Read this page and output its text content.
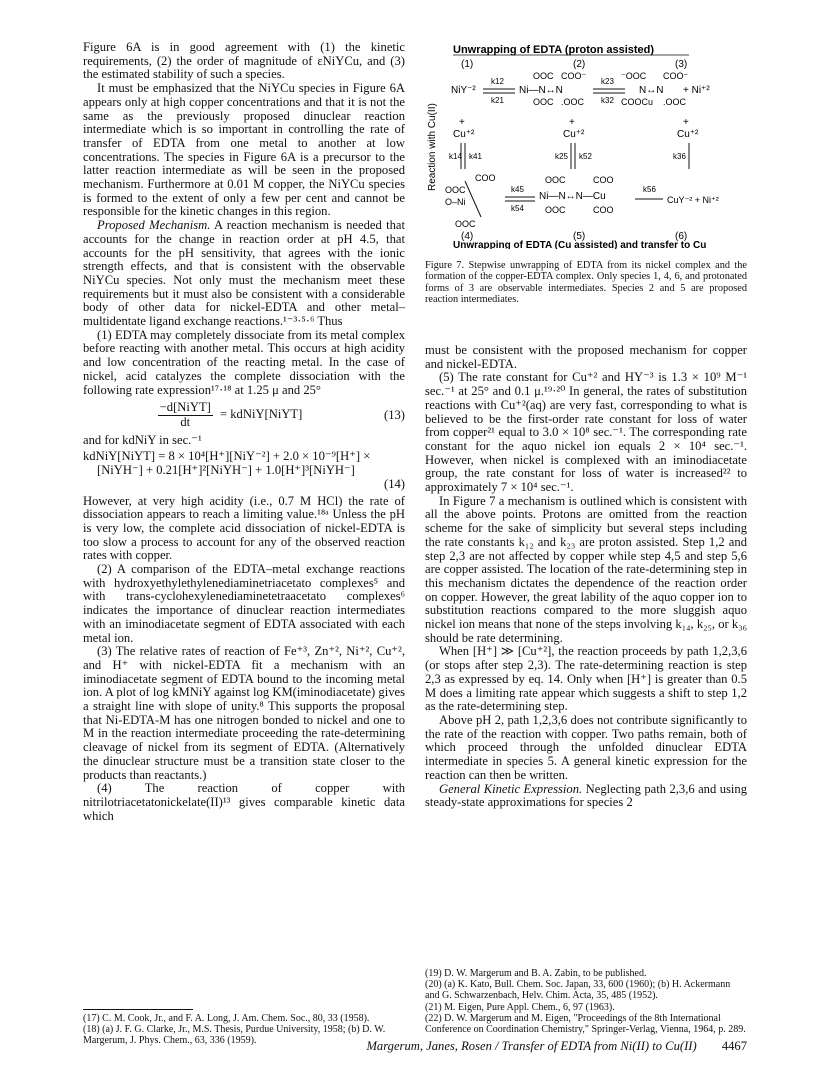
Figure 6A is in good agreement with (1) the kinetic requirements, (2) the order of magnitude of εNiYCu, and (3) the estimated stability of such a species.

It must be emphasized that the NiYCu species in Figure 6A appears only at high copper concentrations and that it is not the same as the previously proposed dinuclear reaction intermediate which is so important in controlling the rate of transfer of EDTA from one metal to another at low concentrations. The species in Figure 6A is a precursor to the latter reaction intermediate as will be seen in the proposed mechanism. Furthermore at 0.01 M copper, the NiYCu species is formed to the extent of only a few per cent and cannot be responsible for the kinetic changes in this region.

Proposed Mechanism. A reaction mechanism is needed that accounts for the change in reaction order at pH 4.5, that accounts for the pH sensitivity, that agrees with the ionic strength effects, and that is consistent with the observable NiYCu species. Not only must the mechanism meet these requirements but it must also be consistent with a considerable body of other data for nickel-EDTA and other metal–multidentate ligand exchange reactions.¹⁻³·⁵·⁶ Thus

(1) EDTA may completely dissociate from its metal complex before reacting with another metal. This occurs at high acidity and low concentration of the reacting metal. In the case of nickel, acid catalyzes the complete dissociation with the following rate expression¹⁷·¹⁸ at 1.25 μ and 25°

$\frac{\text{−d[NiYT]}}{dt}$ = kdNiY[NiYT]	(13)

and for kdNiY in sec.⁻¹

kdNiY[NiYT] = 8 × 10⁴[H⁺][NiY⁻²] + 2.0 × 10⁻⁹[H⁺] ×
[NiYH⁻] + 0.21[H⁺]²[NiYH⁻] + 1.0[H⁺]³[NiYH⁻]
(14)

However, at very high acidity (i.e., 0.7 M HCl) the rate of dissociation appears to reach a limiting value.¹⁸ᵃ Unless the pH is very low, the complete acid dissociation of nickel-EDTA is too slow a process to account for any of the observed reaction rates with copper.

(2) A comparison of the EDTA–metal exchange reactions with hydroxyethylethylenediaminetriacetato complexes⁵ and with trans-cyclohexylenediaminetetraacetato complexes⁶ indicates the importance of dinuclear reaction intermediates with an iminodiacetate segment of EDTA associated with each metal ion.

(3) The relative rates of reaction of Fe⁺³, Zn⁺², Ni⁺², Cu⁺², and H⁺ with nickel-EDTA fit a mechanism with an iminodiacetate segment of EDTA bound to the incoming metal ion. A plot of log kMNiY against log KM(iminodiacetate) gives a straight line with slope of unity.⁸ This supports the proposal that Ni-EDTA-M has one nitrogen bonded to nickel and one to M in the reaction intermediate proceeding the rate-determining cleavage of nickel from its segment of EDTA. (Alternatively the dinuclear structure must be a transition state closer to the products than reactants.)

(4) The reaction of copper with nitrilotriacetatonickelate(II)¹³ gives comparable kinetic data which

(17) C. M. Cook, Jr., and F. A. Long, J. Am. Chem. Soc., 80, 33 (1958).
(18) (a) J. F. G. Clarke, Jr., M.S. Thesis, Purdue University, 1958; (b) D. W. Margerum, J. Phys. Chem., 63, 336 (1959).
Unwrapping of EDTA (proton assisted)
(1)	(2)	(3)
Reaction with Cu(II)
NiY⁻²
k12
k21
OOC COO⁻
Ni—N↔N
OOC .OOC
k23
k32
⁻OOC COO⁻
N↔N + Ni⁺²
COOCu .OOC
+
Cu⁺²
+
Cu⁺²
+
Cu⁺²
k14 k41	k25 k52	k36
COO
OOC
O–Ni
OOC
k45
k54
OOC	COO
Ni—N↔N—Cu
OOC	COO
k56
CuY⁻² + Ni⁺²
(4)	(5)	(6)
Unwrapping of EDTA (Cu assisted) and transfer to Cu
Figure 7. Stepwise unwrapping of EDTA from its nickel complex and the formation of the copper-EDTA complex. Only species 1, 4, 6, and protonated forms of 3 are observable intermediates. Species 2 and 5 are proposed reaction intermediates.

must be consistent with the proposed mechanism for copper and nickel-EDTA.

(5) The rate constant for Cu⁺² and HY⁻³ is 1.3 × 10⁹ M⁻¹ sec.⁻¹ at 25° and 0.1 μ.¹⁹·²⁰ In general, the rates of substitution reactions with Cu⁺²(aq) are very fast, corresponding to what is believed to be the first-order rate constant for loss of water from copper²¹ equal to 3.0 × 10⁸ sec.⁻¹. The corresponding rate constant for the aquo nickel ion equals 2 × 10⁴ sec.⁻¹. However, when nickel is complexed with an iminodiacetate group, the rate constant for loss of water is increased²² to approximately 7 × 10⁴ sec.⁻¹.

In Figure 7 a mechanism is outlined which is consistent with all the above points. Protons are omitted from the reaction scheme for the sake of simplicity but several steps including the rate constants k₁₂ and k₂₃ are proton assisted. Step 1,2 and step 2,3 are not affected by copper while step 4,5 and step 5,6 are copper assisted. The location of the rate-determining step in this mechanism dictates the dependence of the reaction order on copper. However, the great lability of the aquo copper ion to substitution reactions compared to the more sluggish aquo nickel ion means that none of the steps involving k₁₄, k₂₅, or k₃₆ should be rate determining.

When [H⁺] ≫ [Cu⁺²], the reaction proceeds by path 1,2,3,6 (or stops after step 2,3). The rate-determining reaction is step 2,3 as expressed by eq. 14. Only when [H⁺] is greater than 0.5 M does a limiting rate appear which suggests a shift to step 1,2 as the rate-determining step.

Above pH 2, path 1,2,3,6 does not contribute significantly to the rate of the reaction with copper. Two paths remain, both of which proceed through the unfolded dinuclear EDTA intermediate in species 5. A general kinetic expression for the reaction can then be written.

General Kinetic Expression. Neglecting path 2,3,6 and using steady-state approximations for species 2

(19) D. W. Margerum and B. A. Zabin, to be published.
(20) (a) K. Kato, Bull. Chem. Soc. Japan, 33, 600 (1960); (b) H. Ackermann and G. Schwarzenbach, Helv. Chim. Acta, 35, 485 (1952).
(21) M. Eigen, Pure Appl. Chem., 6, 97 (1963).
(22) D. W. Margerum and M. Eigen, "Proceedings of the 8th International Conference on Coordination Chemistry," Springer-Verlag, Vienna, 1964, p. 289.
Margerum, Janes, Rosen / Transfer of EDTA from Ni(II) to Cu(II) 4467
